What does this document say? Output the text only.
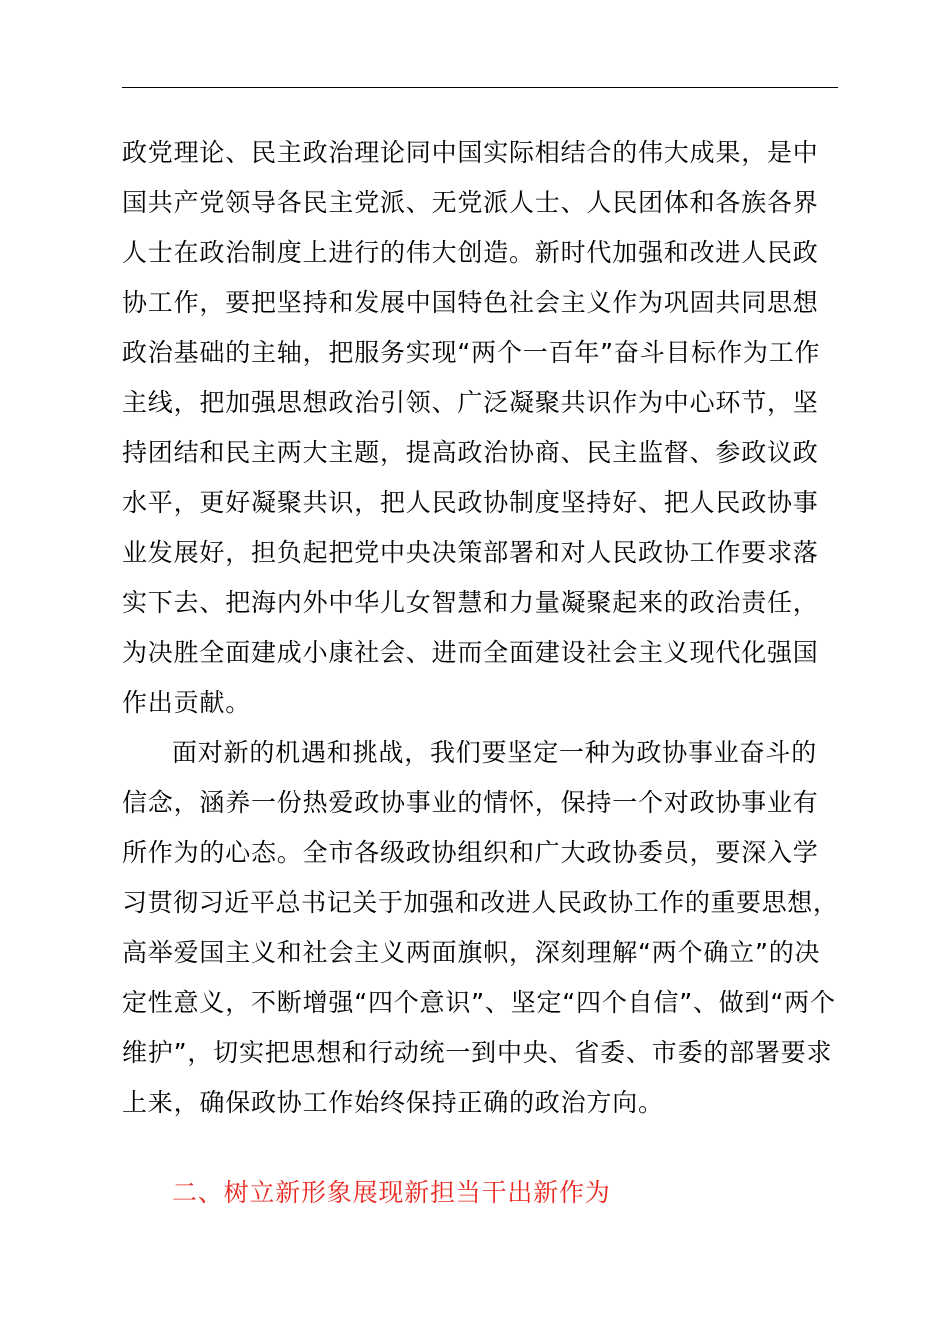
政党理论、民主政治理论同中国实际相结合的伟大成果，是中
国共产党领导各民主党派、无党派人士、人民团体和各族各界
人士在政治制度上进行的伟大创造。新时代加强和改进人民政
协工作，要把坚持和发展中国特色社会主义作为巩固共同思想
政治基础的主轴，把服务实现“两个一百年”奋斗目标作为工作
主线，把加强思想政治引领、广泛凝聚共识作为中心环节，坚
持团结和民主两大主题，提高政治协商、民主监督、参政议政
水平，更好凝聚共识，把人民政协制度坚持好、把人民政协事
业发展好，担负起把党中央决策部署和对人民政协工作要求落
实下去、把海内外中华儿女智慧和力量凝聚起来的政治责任，
为决胜全面建成小康社会、进而全面建设社会主义现代化强国
作出贡献。
面对新的机遇和挑战，我们要坚定一种为政协事业奋斗的
信念，涵养一份热爱政协事业的情怀，保持一个对政协事业有
所作为的心态。全市各级政协组织和广大政协委员，要深入学
习贯彻习近平总书记关于加强和改进人民政协工作的重要思想，
高举爱国主义和社会主义两面旗帜，深刻理解“两个确立”的决
定性意义，不断增强“四个意识”、坚定“四个自信”、做到“两个
维护”，切实把思想和行动统一到中央、省委、市委的部署要求
上来，确保政协工作始终保持正确的政治方向。
二、树立新形象展现新担当干出新作为
